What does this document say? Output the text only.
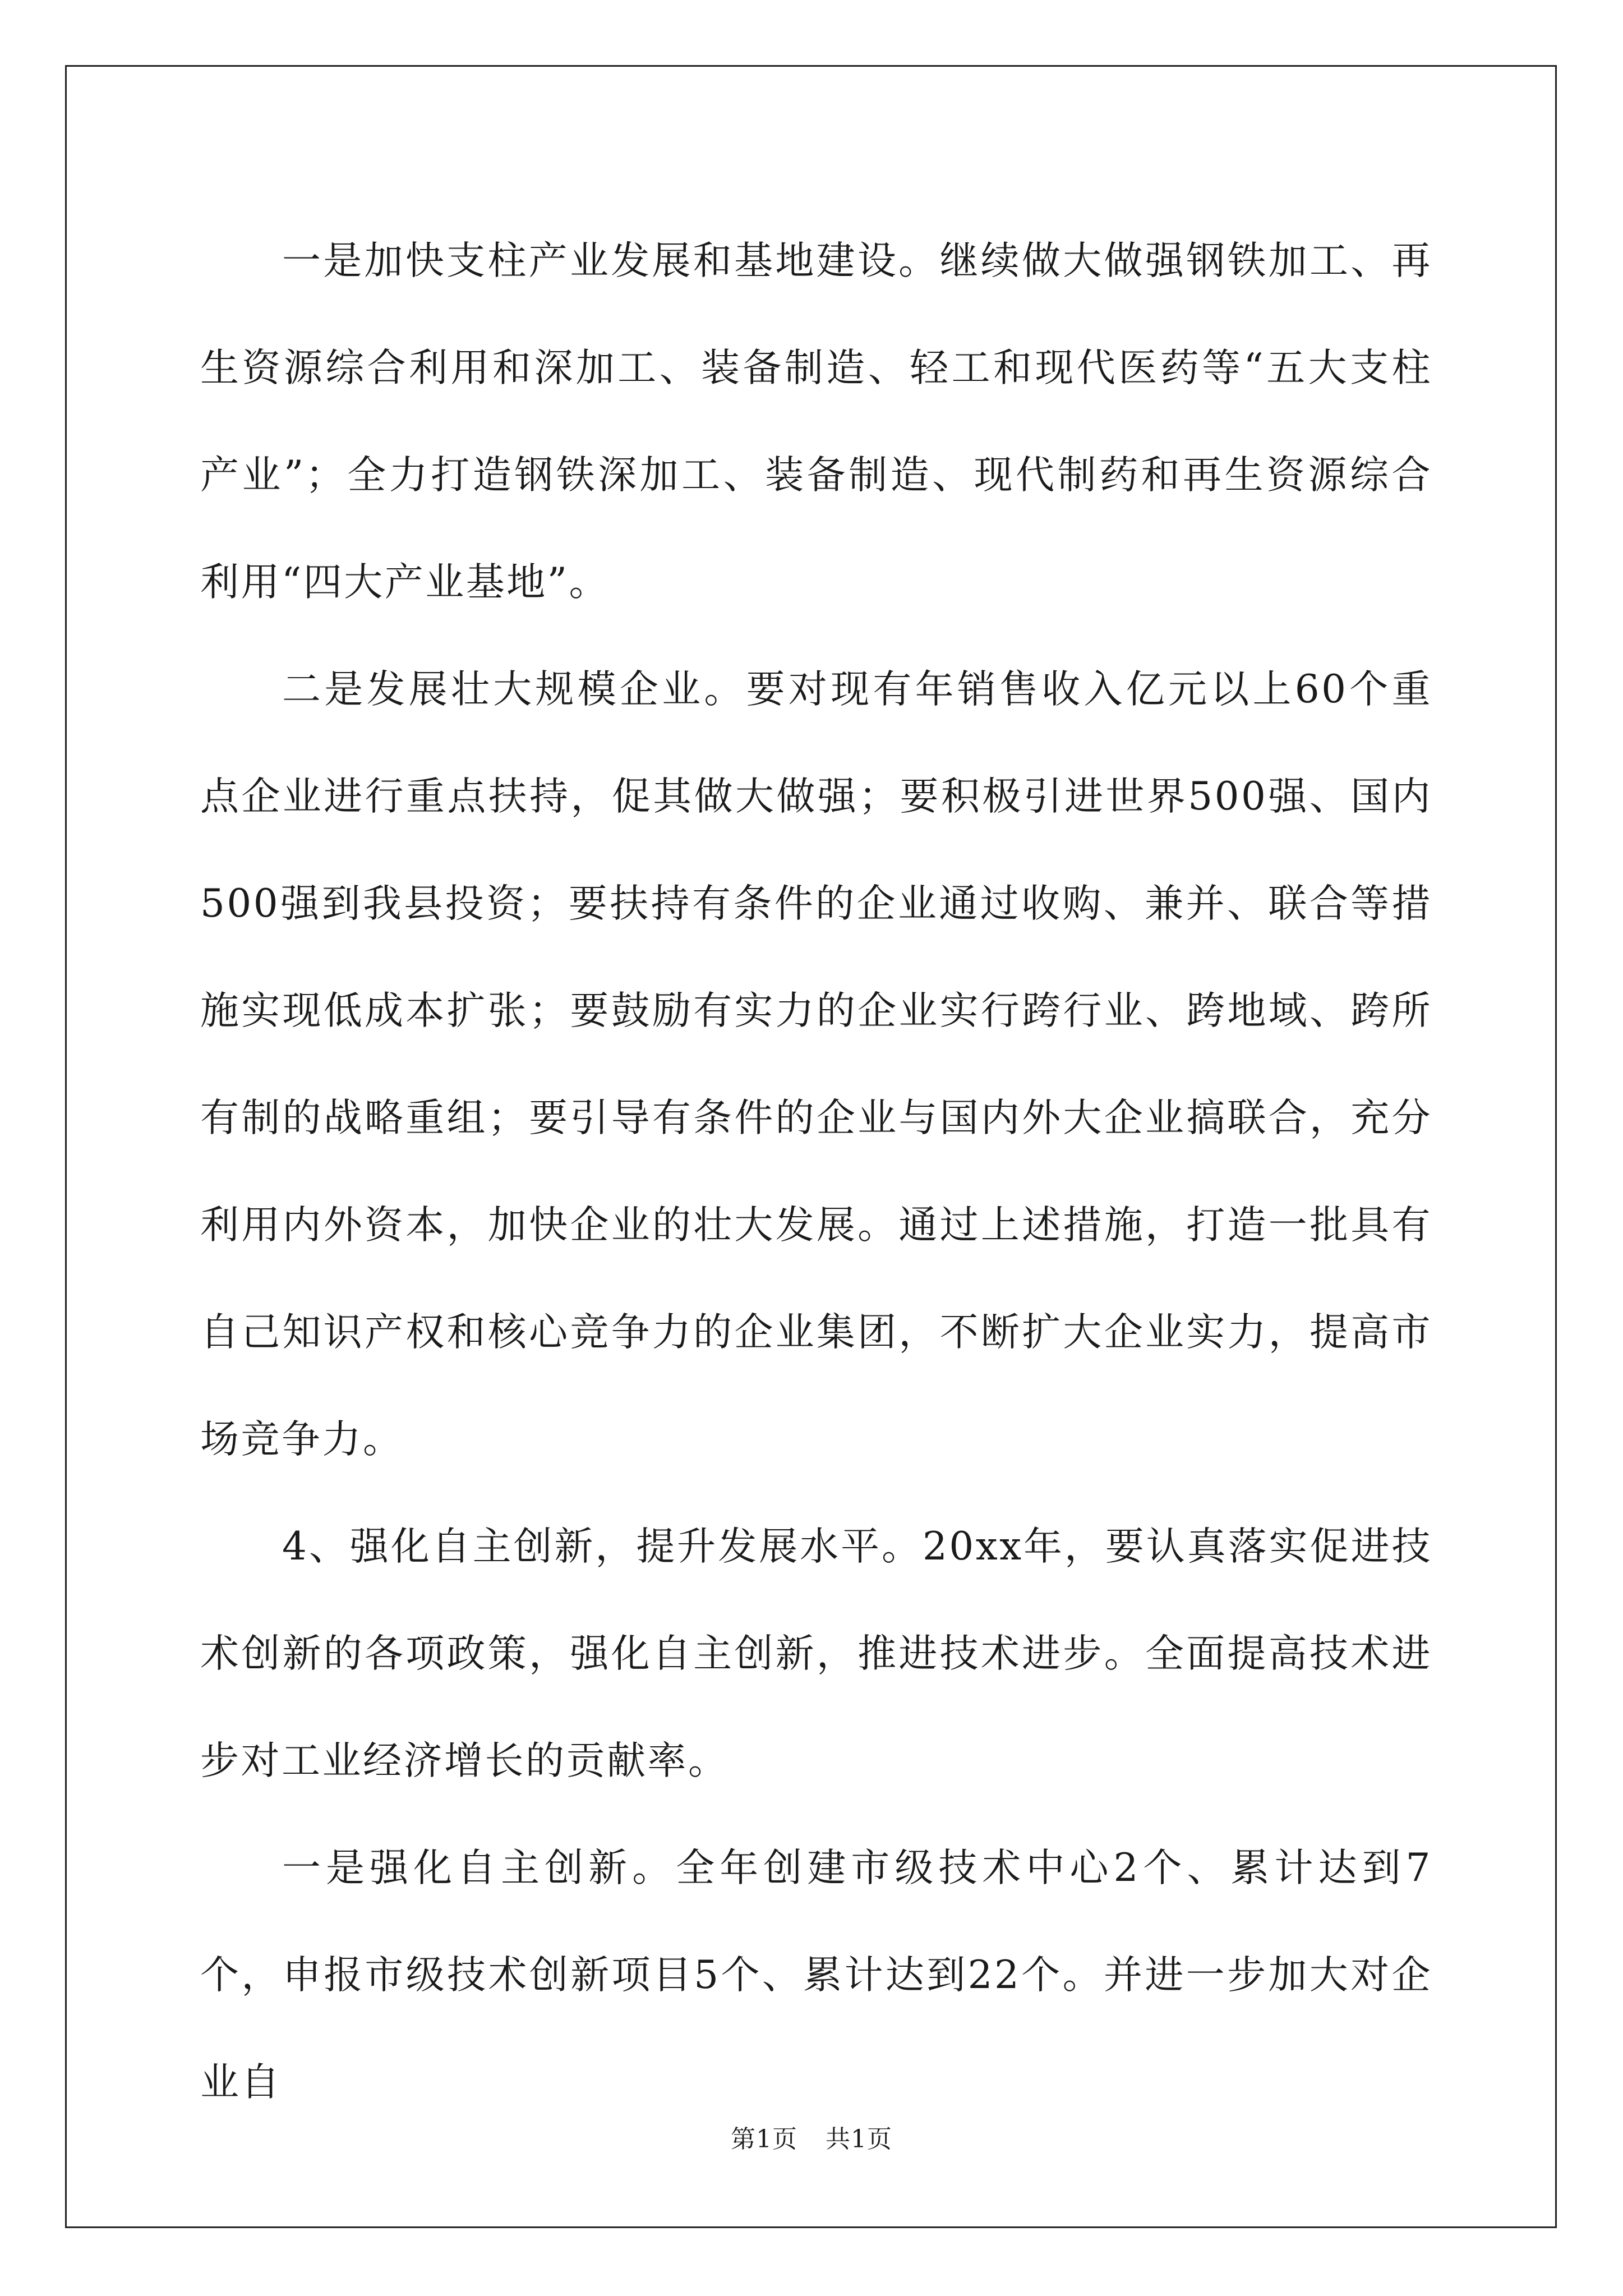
一是加快支柱产业发展和基地建设。继续做大做强钢铁加工、再生资源综合利用和深加工、装备制造、轻工和现代医药等“五大支柱产业”；全力打造钢铁深加工、装备制造、现代制药和再生资源综合利用“四大产业基地”。

二是发展壮大规模企业。要对现有年销售收入亿元以上60个重点企业进行重点扶持，促其做大做强；要积极引进世界500强、国内500强到我县投资；要扶持有条件的企业通过收购、兼并、联合等措施实现低成本扩张；要鼓励有实力的企业实行跨行业、跨地域、跨所有制的战略重组；要引导有条件的企业与国内外大企业搞联合，充分利用内外资本，加快企业的壮大发展。通过上述措施，打造一批具有自己知识产权和核心竞争力的企业集团，不断扩大企业实力，提高市场竞争力。

4、强化自主创新，提升发展水平。20xx年，要认真落实促进技术创新的各项政策，强化自主创新，推进技术进步。全面提高技术进步对工业经济增长的贡献率。

一是强化自主创新。全年创建市级技术中心2个、累计达到7个，申报市级技术创新项目5个、累计达到22个。并进一步加大对企业自

第1页 共1页
